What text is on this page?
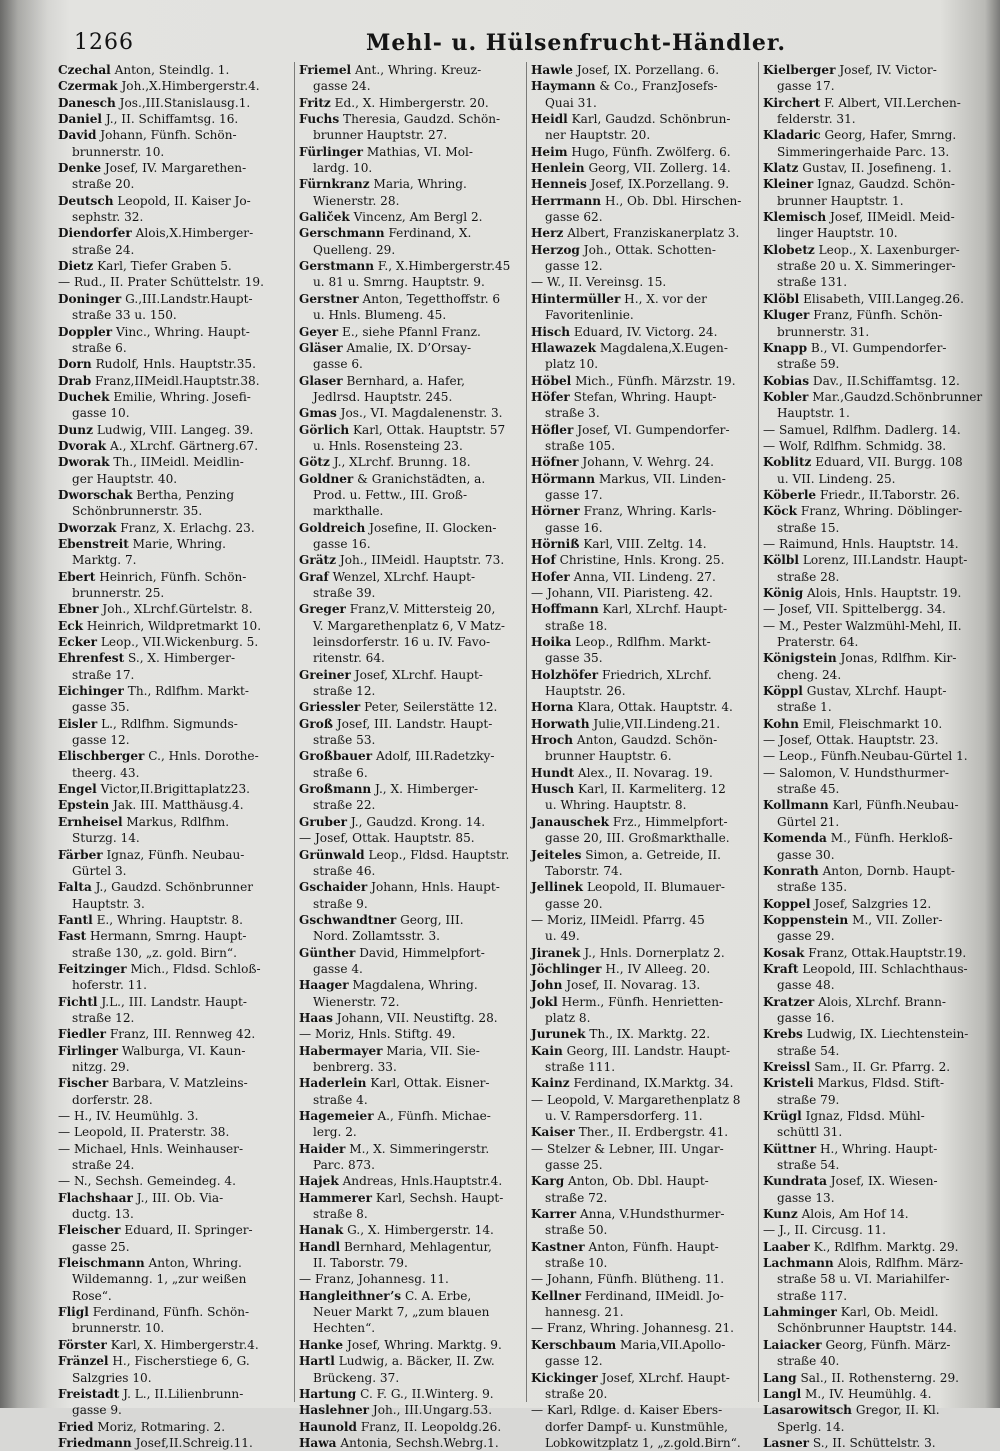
1266	Mehl- u. Hülsenfrucht-Händler.
Czechal Anton, Steindlg. 1.
Czermak Joh.,X.Himbergerstr.4.
Danesch Jos.,III.Stanislausg.1.
Daniel J., II. Schiffamtsg. 16.
David Johann, Fünfh. Schön-
brunnerstr. 10.
Denke Josef, IV. Margarethen-
straße 20.
Deutsch Leopold, II. Kaiser Jo-
sephstr. 32.
Diendorfer Alois,X.Himberger-
straße 24.
Dietz Karl, Tiefer Graben 5.
— Rud., II. Prater Schüttelstr. 19.
Doninger G.,III.Landstr.Haupt-
straße 33 u. 150.
Doppler Vinc., Whring. Haupt-
straße 6.
Dorn Rudolf, Hnls. Hauptstr.35.
Drab Franz,IIMeidl.Hauptstr.38.
Duchek Emilie, Whring. Josefi-
gasse 10.
Dunz Ludwig, VIII. Langeg. 39.
Dvorak A., XLrchf. Gärtnerg.67.
Dworak Th., IIMeidl. Meidlin-
ger Hauptstr. 40.
Dworschak Bertha, Penzing
Schönbrunnerstr. 35.
Dworzak Franz, X. Erlachg. 23.
Ebenstreit Marie, Whring.
Marktg. 7.
Ebert Heinrich, Fünfh. Schön-
brunnerstr. 25.
Ebner Joh., XLrchf.Gürtelstr. 8.
Eck Heinrich, Wildpretmarkt 10.
Ecker Leop., VII.Wickenburg. 5.
Ehrenfest S., X. Himberger-
straße 17.
Eichinger Th., Rdlfhm. Markt-
gasse 35.
Eisler L., Rdlfhm. Sigmunds-
gasse 12.
Elischberger C., Hnls. Dorothe-
theerg. 43.
Engel Victor,II.Brigittaplatz23.
Epstein Jak. III. Matthäusg.4.
Ernheisel Markus, Rdlfhm.
Sturzg. 14.
Färber Ignaz, Fünfh. Neubau-
Gürtel 3.
Falta J., Gaudzd. Schönbrunner
Hauptstr. 3.
Fantl E., Whring. Hauptstr. 8.
Fast Hermann, Smrng. Haupt-
straße 130, „z. gold. Birn“.
Feitzinger Mich., Fldsd. Schloß-
hoferstr. 11.
Fichtl J.L., III. Landstr. Haupt-
straße 12.
Fiedler Franz, III. Rennweg 42.
Firlinger Walburga, VI. Kaun-
nitzg. 29.
Fischer Barbara, V. Matzleins-
dorferstr. 28.
— H., IV. Heumühlg. 3.
— Leopold, II. Praterstr. 38.
— Michael, Hnls. Weinhauser-
straße 24.
— N., Sechsh. Gemeindeg. 4.
Flachshaar J., III. Ob. Via-
ductg. 13.
Fleischer Eduard, II. Springer-
gasse 25.
Fleischmann Anton, Whring.
Wildemanng. 1, „zur weißen
Rose“.
Fligl Ferdinand, Fünfh. Schön-
brunnerstr. 10.
Förster Karl, X. Himbergerstr.4.
Fränzel H., Fischerstiege 6, G.
Salzgries 10.
Freistadt J. L., II.Lilienbrunn-
gasse 9.
Fried Moriz, Rotmaring. 2.
Friedmann Josef,II.Schreig.11.
Friemel Ant., Whring. Kreuz-
gasse 24.
Fritz Ed., X. Himbergerstr. 20.
Fuchs Theresia, Gaudzd. Schön-
brunner Hauptstr. 27.
Fürlinger Mathias, VI. Mol-
lardg. 10.
Fürnkranz Maria, Whring.
Wienerstr. 28.
Galiček Vincenz, Am Bergl 2.
Gerschmann Ferdinand, X.
Quelleng. 29.
Gerstmann F., X.Himbergerstr.45
u. 81 u. Smrng. Hauptstr. 9.
Gerstner Anton, Tegetthoffstr. 6
u. Hnls. Blumeng. 45.
Geyer E., siehe Pfannl Franz.
Gläser Amalie, IX. D’Orsay-
gasse 6.
Glaser Bernhard, a. Hafer,
Jedlrsd. Hauptstr. 245.
Gmas Jos., VI. Magdalenenstr. 3.
Görlich Karl, Ottak. Hauptstr. 57
u. Hnls. Rosensteing 23.
Götz J., XLrchf. Brunng. 18.
Goldner & Granichstädten, a.
Prod. u. Fettw., III. Groß-
markthalle.
Goldreich Josefine, II. Glocken-
gasse 16.
Grätz Joh., IIMeidl. Hauptstr. 73.
Graf Wenzel, XLrchf. Haupt-
straße 39.
Greger Franz,V. Mittersteig 20,
V. Margarethenplatz 6, V Matz-
leinsdorferstr. 16 u. IV. Favo-
ritenstr. 64.
Greiner Josef, XLrchf. Haupt-
straße 12.
Griessler Peter, Seilerstätte 12.
Groß Josef, III. Landstr. Haupt-
straße 53.
Großbauer Adolf, III.Radetzky-
straße 6.
Großmann J., X. Himberger-
straße 22.
Gruber J., Gaudzd. Krong. 14.
— Josef, Ottak. Hauptstr. 85.
Grünwald Leop., Fldsd. Hauptstr.
straße 46.
Gschaider Johann, Hnls. Haupt-
straße 9.
Gschwandtner Georg, III.
Nord. Zollamtsstr. 3.
Günther David, Himmelpfort-
gasse 4.
Haager Magdalena, Whring.
Wienerstr. 72.
Haas Johann, VII. Neustiftg. 28.
— Moriz, Hnls. Stiftg. 49.
Habermayer Maria, VII. Sie-
benbrerg. 33.
Haderlein Karl, Ottak. Eisner-
straße 4.
Hagemeier A., Fünfh. Michae-
lerg. 2.
Haider M., X. Simmeringerstr.
Parc. 873.
Hajek Andreas, Hnls.Hauptstr.4.
Hammerer Karl, Sechsh. Haupt-
straße 8.
Hanak G., X. Himbergerstr. 14.
Handl Bernhard, Mehlagentur,
II. Taborstr. 79.
— Franz, Johannesg. 11.
Hangleithner’s C. A. Erbe,
Neuer Markt 7, „zum blauen
Hechten“.
Hanke Josef, Whring. Marktg. 9.
Hartl Ludwig, a. Bäcker, II. Zw.
Brückeng. 37.
Hartung C. F. G., II.Winterg. 9.
Haslehner Joh., III.Ungarg.53.
Haunold Franz, II. Leopoldg.26.
Hawa Antonia, Sechsh.Webrg.1.
Hawle Josef, IX. Porzellang. 6.
Haymann & Co., FranzJosefs-
Quai 31.
Heidl Karl, Gaudzd. Schönbrun-
ner Hauptstr. 20.
Heim Hugo, Fünfh. Zwölferg. 6.
Henlein Georg, VII. Zollerg. 14.
Henneis Josef, IX.Porzellang. 9.
Herrmann H., Ob. Dbl. Hirschen-
gasse 62.
Herz Albert, Franziskanerplatz 3.
Herzog Joh., Ottak. Schotten-
gasse 12.
— W., II. Vereinsg. 15.
Hintermüller H., X. vor der
Favoritenlinie.
Hisch Eduard, IV. Victorg. 24.
Hlawazek Magdalena,X.Eugen-
platz 10.
Höbel Mich., Fünfh. Märzstr. 19.
Höfer Stefan, Whring. Haupt-
straße 3.
Höfler Josef, VI. Gumpendorfer-
straße 105.
Höfner Johann, V. Wehrg. 24.
Hörmann Markus, VII. Linden-
gasse 17.
Hörner Franz, Whring. Karls-
gasse 16.
Hörniß Karl, VIII. Zeltg. 14.
Hof Christine, Hnls. Krong. 25.
Hofer Anna, VII. Lindeng. 27.
— Johann, VII. Piaristeng. 42.
Hoffmann Karl, XLrchf. Haupt-
straße 18.
Hoika Leop., Rdlfhm. Markt-
gasse 35.
Holzhöfer Friedrich, XLrchf.
Hauptstr. 26.
Horna Klara, Ottak. Hauptstr. 4.
Horwath Julie,VII.Lindeng.21.
Hroch Anton, Gaudzd. Schön-
brunner Hauptstr. 6.
Hundt Alex., II. Novarag. 19.
Husch Karl, II. Karmeliterg. 12
u. Whring. Hauptstr. 8.
Janauschek Frz., Himmelpfort-
gasse 20, III. Großmarkthalle.
Jeiteles Simon, a. Getreide, II.
Taborstr. 74.
Jellinek Leopold, II. Blumauer-
gasse 20.
— Moriz, IIMeidl. Pfarrg. 45
u. 49.
Jiranek J., Hnls. Dornerplatz 2.
Jöchlinger H., IV Alleeg. 20.
John Josef, II. Novarag. 13.
Jokl Herm., Fünfh. Henrietten-
platz 8.
Jurunek Th., IX. Marktg. 22.
Kain Georg, III. Landstr. Haupt-
straße 111.
Kainz Ferdinand, IX.Marktg. 34.
— Leopold, V. Margarethenplatz 8
u. V. Rampersdorferg. 11.
Kaiser Ther., II. Erdbergstr. 41.
— Stelzer & Lebner, III. Ungar-
gasse 25.
Karg Anton, Ob. Dbl. Haupt-
straße 72.
Karrer Anna, V.Hundsthurmer-
straße 50.
Kastner Anton, Fünfh. Haupt-
straße 10.
— Johann, Fünfh. Blütheng. 11.
Kellner Ferdinand, IIMeidl. Jo-
hannesg. 21.
— Franz, Whring. Johannesg. 21.
Kerschbaum Maria,VII.Apollo-
gasse 12.
Kickinger Josef, XLrchf. Haupt-
straße 20.
— Karl, Rdlge. d. Kaiser Ebers-
dorfer Dampf- u. Kunstmühle,
Lobkowitzplatz 1, „z.gold.Birn“.
Kielberger Josef, IV. Victor-
gasse 17.
Kirchert F. Albert, VII.Lerchen-
felderstr. 31.
Kladaric Georg, Hafer, Smrng.
Simmeringerhaide Parc. 13.
Klatz Gustav, II. Josefineng. 1.
Kleiner Ignaz, Gaudzd. Schön-
brunner Hauptstr. 1.
Klemisch Josef, IIMeidl. Meid-
linger Hauptstr. 10.
Klobetz Leop., X. Laxenburger-
straße 20 u. X. Simmeringer-
straße 131.
Klöbl Elisabeth, VIII.Langeg.26.
Kluger Franz, Fünfh. Schön-
brunnerstr. 31.
Knapp B., VI. Gumpendorfer-
straße 59.
Kobias Dav., II.Schiffamtsg. 12.
Kobler Mar.,Gaudzd.Schönbrunner
Hauptstr. 1.
— Samuel, Rdlfhm. Dadlerg. 14.
— Wolf, Rdlfhm. Schmidg. 38.
Koblitz Eduard, VII. Burgg. 108
u. VII. Lindeng. 25.
Köberle Friedr., II.Taborstr. 26.
Köck Franz, Whring. Döblinger-
straße 15.
— Raimund, Hnls. Hauptstr. 14.
Kölbl Lorenz, III.Landstr. Haupt-
straße 28.
König Alois, Hnls. Hauptstr. 19.
— Josef, VII. Spittelbergg. 34.
— M., Pester Walzmühl-Mehl, II.
Praterstr. 64.
Königstein Jonas, Rdlfhm. Kir-
cheng. 24.
Köppl Gustav, XLrchf. Haupt-
straße 1.
Kohn Emil, Fleischmarkt 10.
— Josef, Ottak. Hauptstr. 23.
— Leop., Fünfh.Neubau-Gürtel 1.
— Salomon, V. Hundsthurmer-
straße 45.
Kollmann Karl, Fünfh.Neubau-
Gürtel 21.
Komenda M., Fünfh. Herkloß-
gasse 30.
Konrath Anton, Dornb. Haupt-
straße 135.
Koppel Josef, Salzgries 12.
Koppenstein M., VII. Zoller-
gasse 29.
Kosak Franz, Ottak.Hauptstr.19.
Kraft Leopold, III. Schlachthaus-
gasse 48.
Kratzer Alois, XLrchf. Brann-
gasse 16.
Krebs Ludwig, IX. Liechtenstein-
straße 54.
Kreissl Sam., II. Gr. Pfarrg. 2.
Kristeli Markus, Fldsd. Stift-
straße 79.
Krügl Ignaz, Fldsd. Mühl-
schüttl 31.
Küttner H., Whring. Haupt-
straße 54.
Kundrata Josef, IX. Wiesen-
gasse 13.
Kunz Alois, Am Hof 14.
— J., II. Circusg. 11.
Laaber K., Rdlfhm. Marktg. 29.
Lachmann Alois, Rdlfhm. März-
straße 58 u. VI. Mariahilfer-
straße 117.
Lahminger Karl, Ob. Meidl.
Schönbrunner Hauptstr. 144.
Laiacker Georg, Fünfh. März-
straße 40.
Lang Sal., II. Rothensterng. 29.
Langl M., IV. Heumühlg. 4.
Lasarowitsch Gregor, II. Kl.
Sperlg. 14.
Lasner S., II. Schüttelstr. 3.
